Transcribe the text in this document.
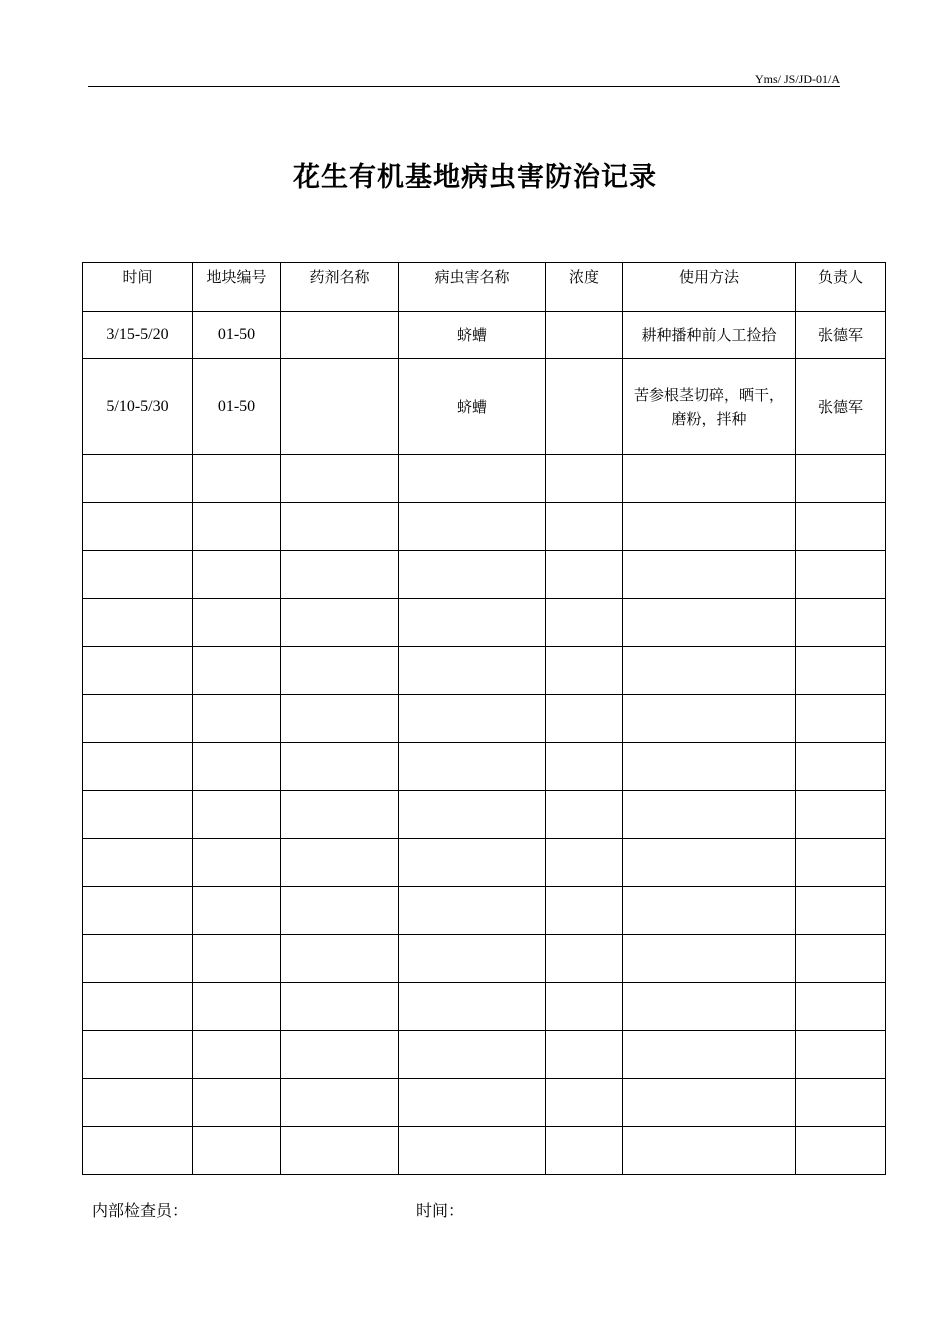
Yms/ JS/JD-01/A
花生有机基地病虫害防治记录
时间	地块编号	药剂名称	病虫害名称	浓度	使用方法	负责人
3/15-5/20	01-50		蛴螬		耕种播种前人工捡拾	张德军
5/10-5/30	01-50		蛴螬		苦参根茎切碎，晒干，磨粉，拌种	张德军

内部检查员：	时间：
